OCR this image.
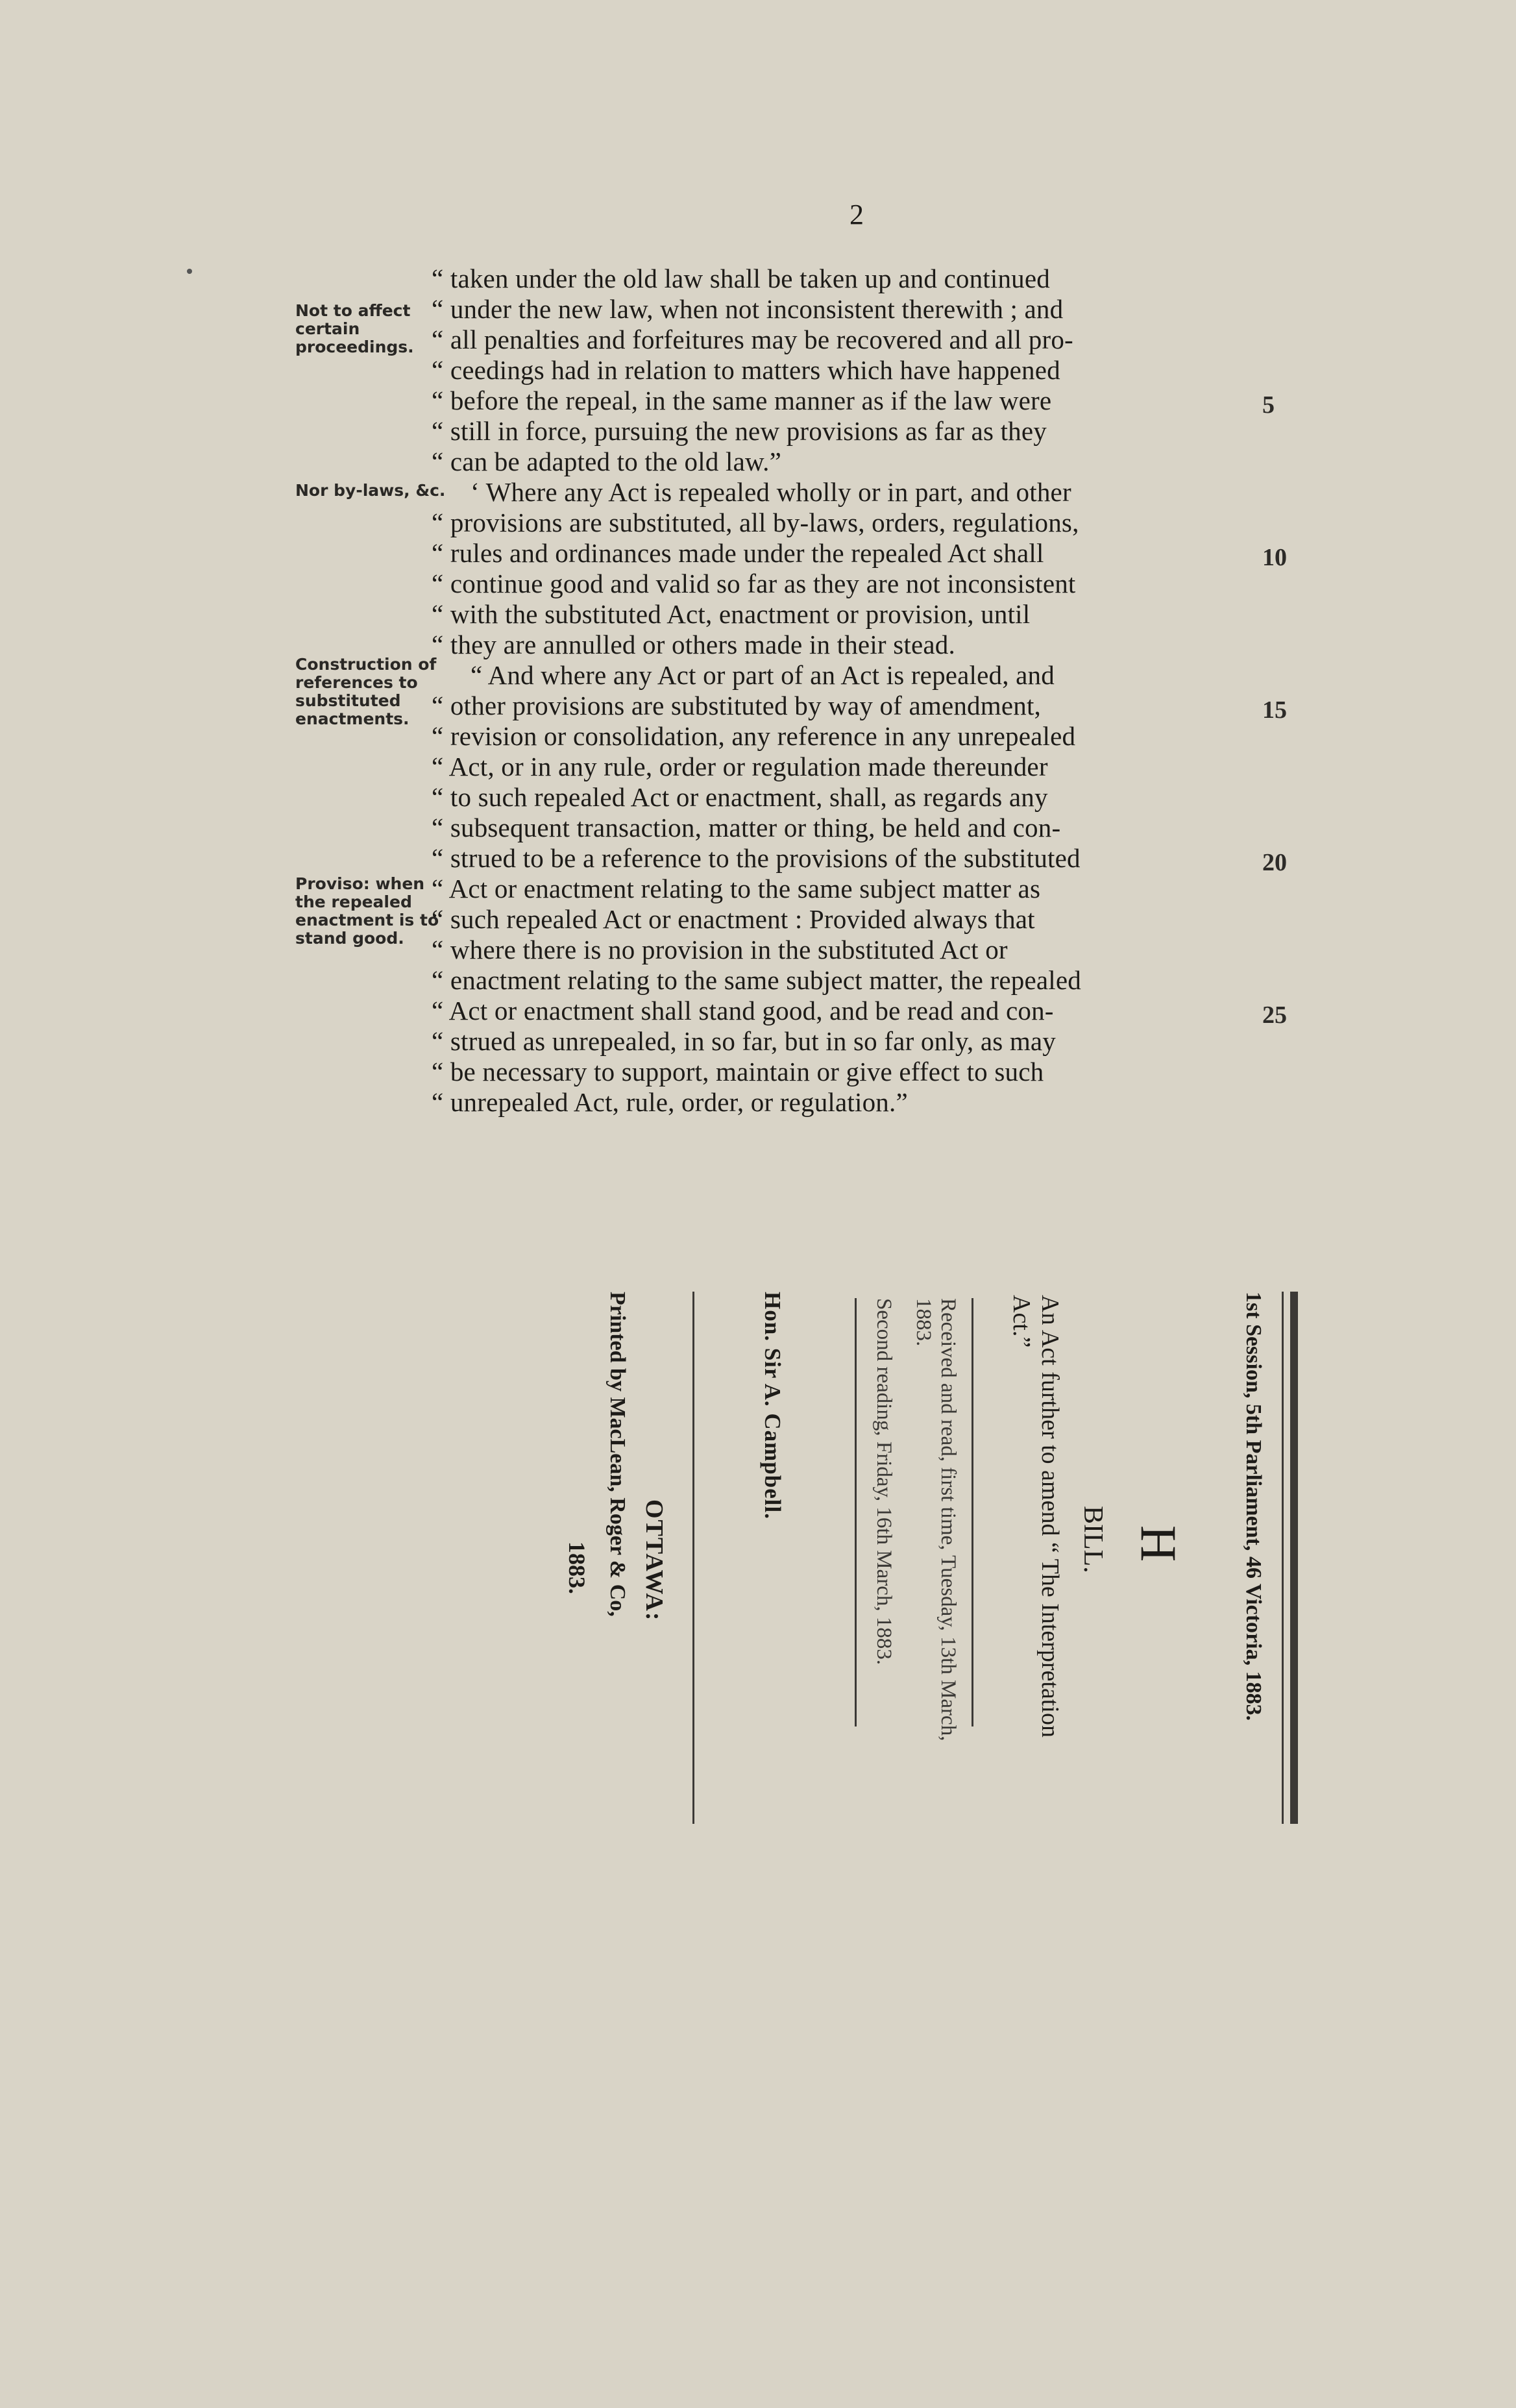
2
Not to affect certain proceedings.
Nor by-laws, &c.
Construction of references to substituted enactments.
Proviso: when the repealed enactment is to stand good.
“ taken under the old law shall be taken up and continued
“ under the new law, when not inconsistent therewith ; and
“ all penalties and forfeitures may be recovered and all pro-
“ ceedings had in relation to matters which have happened
“ before the repeal, in the same manner as if the law were
“ still in force, pursuing the new provisions as far as they
“ can be adapted to the old law.”
‘ Where any Act is repealed wholly or in part, and other
“ provisions are substituted, all by-laws, orders, regulations,
“ rules and ordinances made under the repealed Act shall
“ continue good and valid so far as they are not inconsistent
“ with the substituted Act, enactment or provision, until
“ they are annulled or others made in their stead.
“ And where any Act or part of an Act is repealed, and
“ other provisions are substituted by way of amendment,
“ revision or consolidation, any reference in any unrepealed
“ Act, or in any rule, order or regulation made thereunder
“ to such repealed Act or enactment, shall, as regards any
“ subsequent transaction, matter or thing, be held and con-
“ strued to be a reference to the provisions of the substituted
“ Act or enactment relating to the same subject matter as
“ such repealed Act or enactment : Provided always that
“ where there is no provision in the substituted Act or
“ enactment relating to the same subject matter, the repealed
“ Act or enactment shall stand good, and be read and con-
“ strued as unrepealed, in so far, but in so far only, as may
“ be necessary to support, maintain or give effect to such
“ unrepealed Act, rule, order, or regulation.”
5
10
15
20
25
1st Session, 5th Parliament, 46 Victoria, 1883.
H
BILL.
An Act further to amend “ The Interpretation Act.”
Received and read, first time, Tuesday, 13th March, 1883.
Second reading, Friday, 16th March, 1883.
Hon. Sir A. Campbell.
OTTAWA:
Printed by MacLean, Roger & Co,
1883.
